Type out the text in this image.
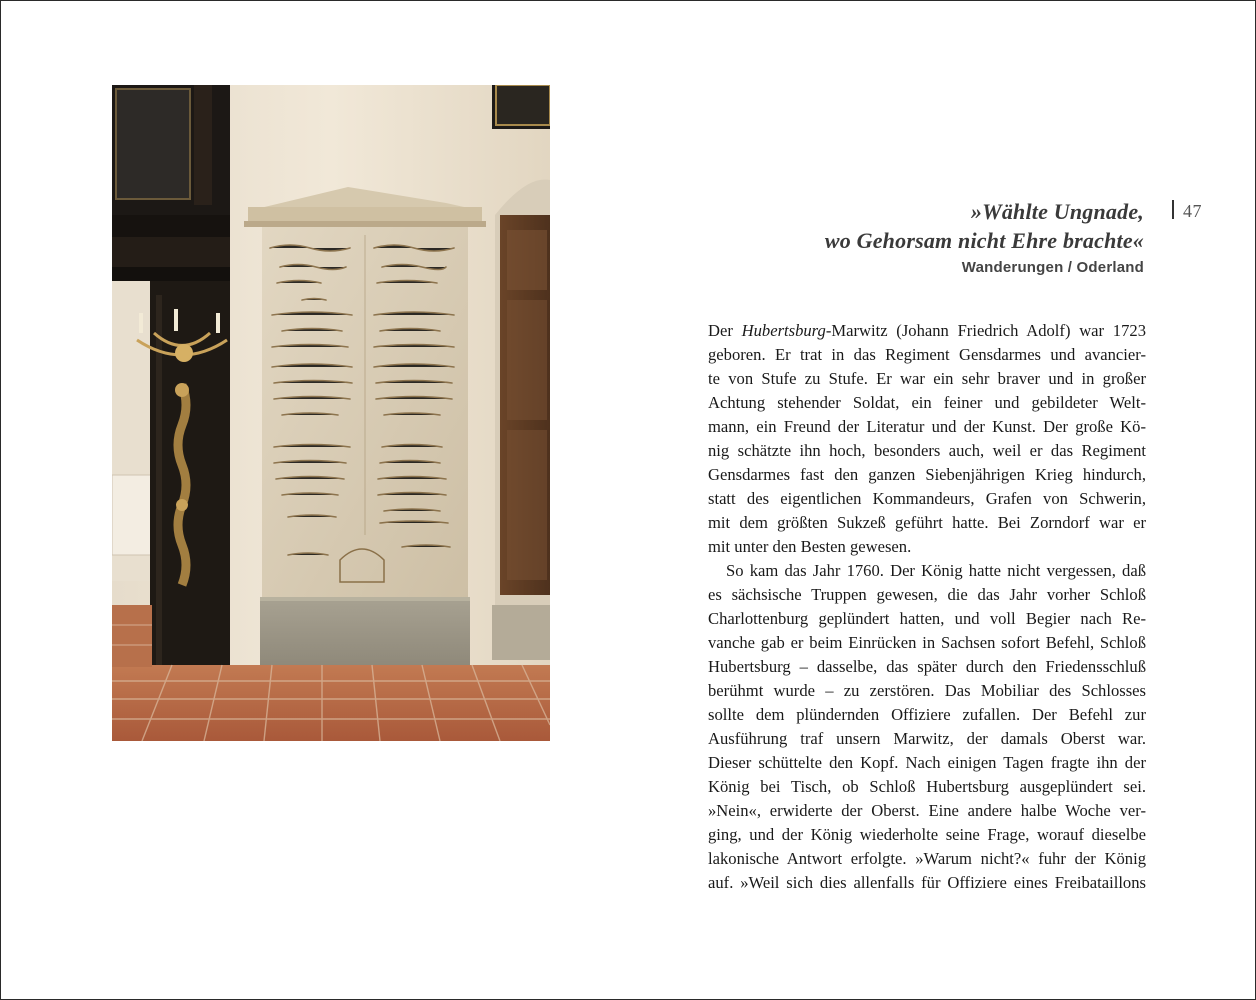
47
»Wählte Ungnade,
wo Gehorsam nicht Ehre brachte«
Wanderungen / Oderland
Der Hubertsburg-Marwitz (Johann Friedrich Adolf) war 1723
geboren. Er trat in das Regiment Gensdarmes und avancier-
te von Stufe zu Stufe. Er war ein sehr braver und in großer
Achtung stehender Soldat, ein feiner und gebildeter Welt-
mann, ein Freund der Literatur und der Kunst. Der große Kö-
nig schätzte ihn hoch, besonders auch, weil er das Regiment
Gensdarmes fast den ganzen Siebenjährigen Krieg hindurch,
statt des eigentlichen Kommandeurs, Grafen von Schwerin,
mit dem größten Sukzeß geführt hatte. Bei Zorndorf war er
mit unter den Besten gewesen.
So kam das Jahr 1760. Der König hatte nicht vergessen, daß
es sächsische Truppen gewesen, die das Jahr vorher Schloß
Charlottenburg geplündert hatten, und voll Begier nach Re-
vanche gab er beim Einrücken in Sachsen sofort Befehl, Schloß
Hubertsburg – dasselbe, das später durch den Friedensschluß
berühmt wurde – zu zerstören. Das Mobiliar des Schlosses
sollte dem plündernden Offiziere zufallen. Der Befehl zur
Ausführung traf unsern Marwitz, der damals Oberst war.
Dieser schüttelte den Kopf. Nach einigen Tagen fragte ihn der
König bei Tisch, ob Schloß Hubertsburg ausgeplündert sei.
»Nein«, erwiderte der Oberst. Eine andere halbe Woche ver-
ging, und der König wiederholte seine Frage, worauf dieselbe
lakonische Antwort erfolgte. »Warum nicht?« fuhr der König
auf. »Weil sich dies allenfalls für Offiziere eines Freibataillons
